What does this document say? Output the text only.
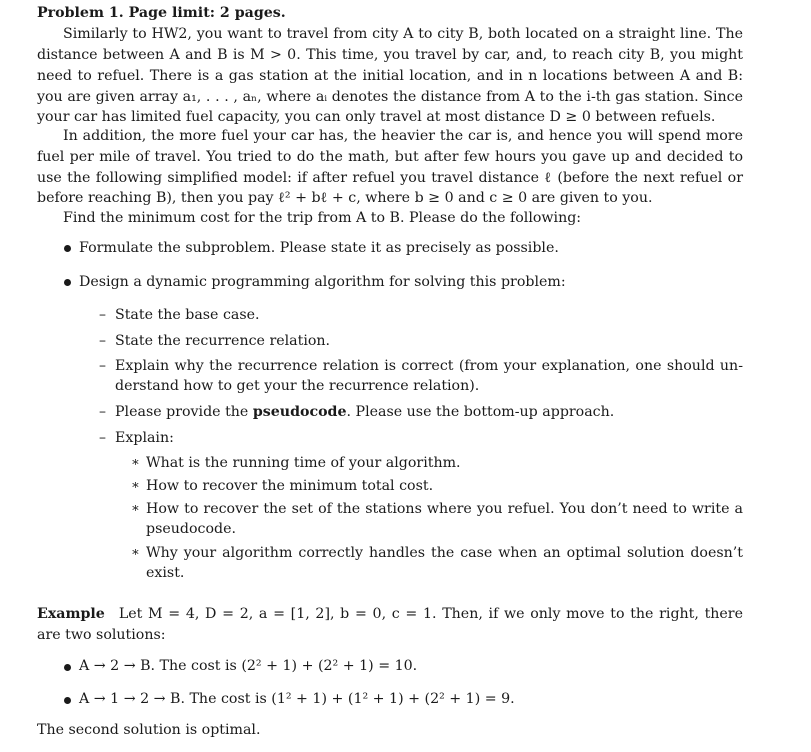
Problem 1. Page limit: 2 pages.
Similarly to HW2, you want to travel from city A to city B, both located on a straight line. The
distance between A and B is M > 0. This time, you travel by car, and, to reach city B, you might
need to refuel. There is a gas station at the initial location, and in n locations between A and B:
you are given array a₁, . . . , aₙ, where aᵢ denotes the distance from A to the i-th gas station. Since
your car has limited fuel capacity, you can only travel at most distance D ≥ 0 between refuels.
In addition, the more fuel your car has, the heavier the car is, and hence you will spend more
fuel per mile of travel. You tried to do the math, but after few hours you gave up and decided to
use the following simplified model: if after refuel you travel distance ℓ (before the next refuel or
before reaching B), then you pay ℓ² + bℓ + c, where b ≥ 0 and c ≥ 0 are given to you.
Find the minimum cost for the trip from A to B. Please do the following:
Formulate the subproblem. Please state it as precisely as possible.
Design a dynamic programming algorithm for solving this problem:
– State the base case.
– State the recurrence relation.
– Explain why the recurrence relation is correct (from your explanation, one should un-
derstand how to get your the recurrence relation).
– Please provide the pseudocode. Please use the bottom-up approach.
– Explain:
∗ What is the running time of your algorithm.
∗ How to recover the minimum total cost.
∗ How to recover the set of the stations where you refuel. You don’t need to write a
pseudocode.
∗ Why your algorithm correctly handles the case when an optimal solution doesn’t
exist.
Example Let M = 4, D = 2, a = [1, 2], b = 0, c = 1. Then, if we only move to the right, there
are two solutions:
A → 2 → B. The cost is (2² + 1) + (2² + 1) = 10.
A → 1 → 2 → B. The cost is (1² + 1) + (1² + 1) + (2² + 1) = 9.
The second solution is optimal.
